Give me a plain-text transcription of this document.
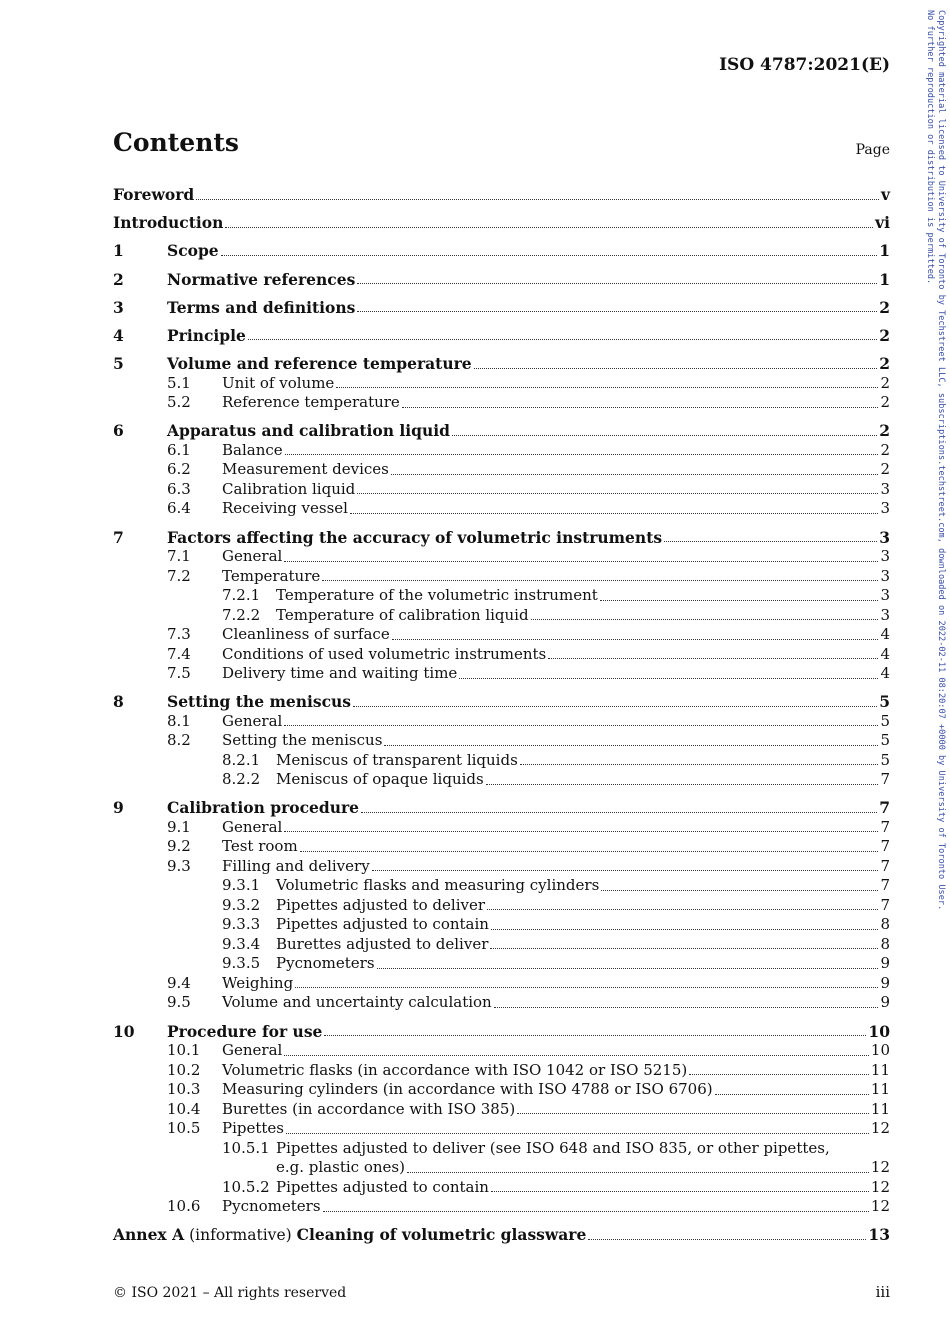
ISO 4787:2021(E)	Copyrighted material licensed to University of Toronto by Techstreet LLC, subscriptions.techstreet.com, downloaded on 2022-02-11 08:20:07 +0000 by University of Toronto User.
No further reproduction or distribution is permitted.
Contents	Page
Foreword	v
Introduction	vi
1	Scope	1
2	Normative references	1
3	Terms and definitions	2
4	Principle	2
5	Volume and reference temperature	2
5.1 Unit of volume	2
5.2 Reference temperature	2
6	Apparatus and calibration liquid	2
6.1 Balance	2
6.2 Measurement devices	2
6.3 Calibration liquid	3
6.4 Receiving vessel	3
7	Factors affecting the accuracy of volumetric instruments	3
7.1 General	3
7.2 Temperature	3
7.2.1 Temperature of the volumetric instrument	3
7.2.2 Temperature of calibration liquid	3
7.3 Cleanliness of surface	4
7.4 Conditions of used volumetric instruments	4
7.5 Delivery time and waiting time	4
8	Setting the meniscus	5
8.1 General	5
8.2 Setting the meniscus	5
8.2.1 Meniscus of transparent liquids	5
8.2.2 Meniscus of opaque liquids	7
9	Calibration procedure	7
9.1 General	7
9.2 Test room	7
9.3 Filling and delivery	7
9.3.1 Volumetric flasks and measuring cylinders	7
9.3.2 Pipettes adjusted to deliver	7
9.3.3 Pipettes adjusted to contain	8
9.3.4 Burettes adjusted to deliver	8
9.3.5 Pycnometers	9
9.4 Weighing	9
9.5 Volume and uncertainty calculation	9
10 Procedure for use	10
10.1 General	10
10.2 Volumetric flasks (in accordance with ISO 1042 or ISO 5215)	11
10.3 Measuring cylinders (in accordance with ISO 4788 or ISO 6706)	11
10.4 Burettes (in accordance with ISO 385)	11
10.5 Pipettes	12
10.5.1 Pipettes adjusted to deliver (see ISO 648 and ISO 835, or other pipettes,
e.g. plastic ones)	12
10.5.2 Pipettes adjusted to contain	12
10.6 Pycnometers	12
Annex A (informative) Cleaning of volumetric glassware	13
© ISO 2021 – All rights reserved	iii
